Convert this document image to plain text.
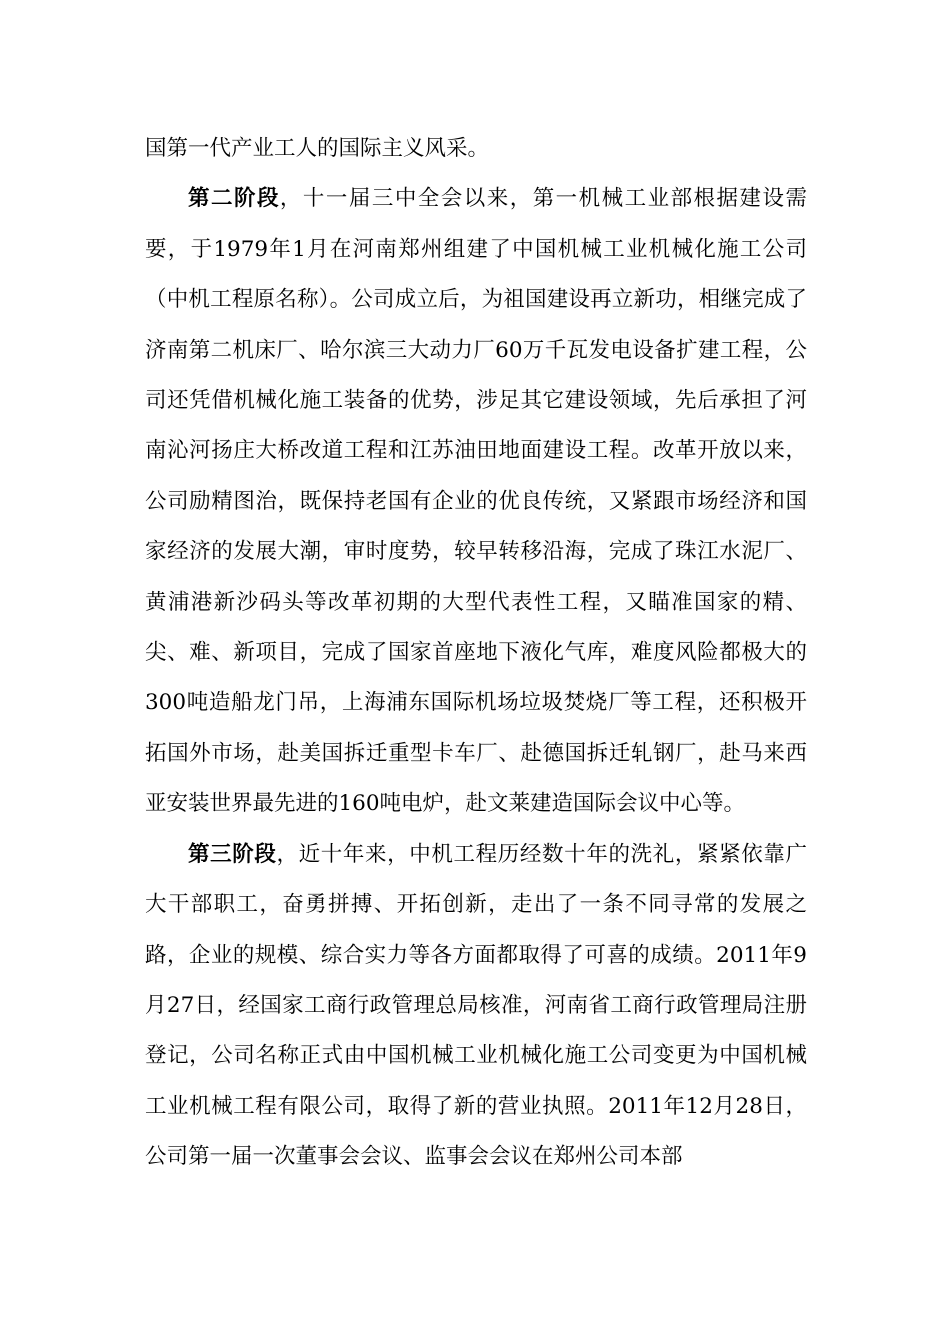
国第一代产业工人的国际主义风采。

第二阶段，十一届三中全会以来，第一机械工业部根据建设需要，于1979年1月在河南郑州组建了中国机械工业机械化施工公司（中机工程原名称）。公司成立后，为祖国建设再立新功，相继完成了济南第二机床厂、哈尔滨三大动力厂60万千瓦发电设备扩建工程，公司还凭借机械化施工装备的优势，涉足其它建设领域，先后承担了河南沁河扬庄大桥改道工程和江苏油田地面建设工程。改革开放以来，公司励精图治，既保持老国有企业的优良传统，又紧跟市场经济和国家经济的发展大潮，审时度势，较早转移沿海，完成了珠江水泥厂、黄浦港新沙码头等改革初期的大型代表性工程，又瞄准国家的精、尖、难、新项目，完成了国家首座地下液化气库，难度风险都极大的300吨造船龙门吊，上海浦东国际机场垃圾焚烧厂等工程，还积极开拓国外市场，赴美国拆迁重型卡车厂、赴德国拆迁轧钢厂，赴马来西亚安装世界最先进的160吨电炉，赴文莱建造国际会议中心等。

第三阶段，近十年来，中机工程历经数十年的洗礼，紧紧依靠广大干部职工，奋勇拼搏、开拓创新，走出了一条不同寻常的发展之路，企业的规模、综合实力等各方面都取得了可喜的成绩。2011年9月27日，经国家工商行政管理总局核准，河南省工商行政管理局注册登记，公司名称正式由中国机械工业机械化施工公司变更为中国机械工业机械工程有限公司，取得了新的营业执照。2011年12月28日，公司第一届一次董事会会议、监事会会议在郑州公司本部
